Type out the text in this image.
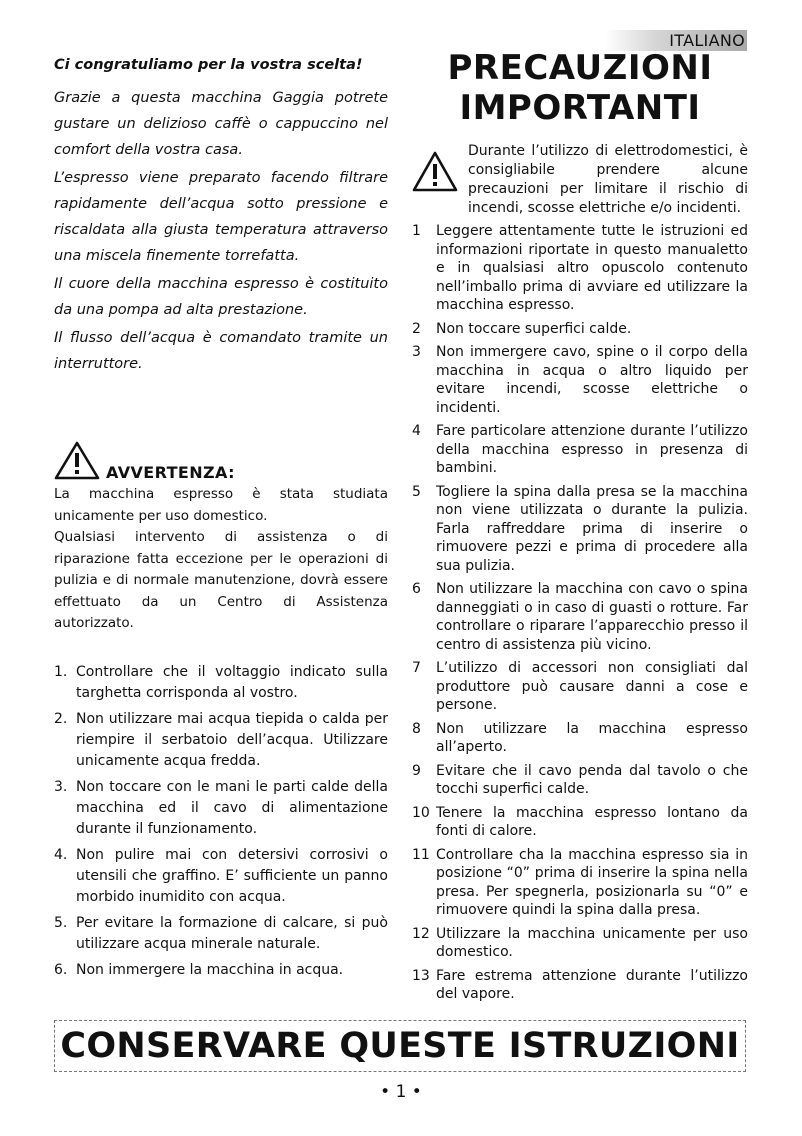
ITALIANO

Ci congratuliamo per la vostra scelta!

Grazie a questa macchina Gaggia potrete gustare un delizioso caffè o cappuccino nel comfort della vostra casa.

L’espresso viene preparato facendo filtrare rapidamente dell’acqua sotto pressione e riscaldata alla giusta temperatura attraverso una miscela finemente torrefatta.

Il cuore della macchina espresso è costituito da una pompa ad alta prestazione.

Il flusso dell’acqua è comandato tramite un interruttore.

AVVERTENZA:

La macchina espresso è stata studiata unicamente per uso domestico.

Qualsiasi intervento di assistenza o di riparazione fatta eccezione per le operazioni di pulizia e di normale manutenzione, dovrà essere effettuato da un Centro di Assistenza autorizzato.

1. Controllare che il voltaggio indicato sulla targhetta corrisponda al vostro.
2. Non utilizzare mai acqua tiepida o calda per riempire il serbatoio dell’acqua. Utilizzare unicamente acqua fredda.
3. Non toccare con le mani le parti calde della macchina ed il cavo di alimentazione durante il funzionamento.
4. Non pulire mai con detersivi corrosivi o utensili che graffino. E’ sufficiente un panno morbido inumidito con acqua.
5. Per evitare la formazione di calcare, si può utilizzare acqua minerale naturale.
6. Non immergere la macchina in acqua.
PRECAUZIONI
IMPORTANTI
Durante l’utilizzo di elettrodomestici, è consigliabile prendere alcune precauzioni per limitare il rischio di incendi, scosse elettriche e/o incidenti.
1	Leggere attentamente tutte le istruzioni ed informazioni riportate in questo manualetto e in qualsiasi altro opuscolo contenuto nell’imballo prima di avviare ed utilizzare la macchina espresso.
2	Non toccare superfici calde.
3	Non immergere cavo, spine o il corpo della macchina in acqua o altro liquido per evitare incendi, scosse elettriche o incidenti.
4	Fare particolare attenzione durante l’utilizzo della macchina espresso in presenza di bambini.
5	Togliere la spina dalla presa se la macchina non viene utilizzata o durante la pulizia. Farla raffreddare prima di inserire o rimuovere pezzi e prima di procedere alla sua pulizia.
6	Non utilizzare la macchina con cavo o spina danneggiati o in caso di guasti o rotture. Far controllare o riparare l’apparecchio presso il centro di assistenza più vicino.
7	L’utilizzo di accessori non consigliati dal produttore può causare danni a cose e persone.
8	Non utilizzare la macchina espresso all’aperto.
9	Evitare che il cavo penda dal tavolo o che tocchi superfici calde.
10 Tenere la macchina espresso lontano da fonti di calore.
11 Controllare cha la macchina espresso sia in posizione “0” prima di inserire la spina nella presa. Per spegnerla, posizionarla su “0” e rimuovere quindi la spina dalla presa.
12 Utilizzare la macchina unicamente per uso domestico.
13 Fare estrema attenzione durante l’utilizzo del vapore.
CONSERVARE QUESTE ISTRUZIONI
• 1 •
